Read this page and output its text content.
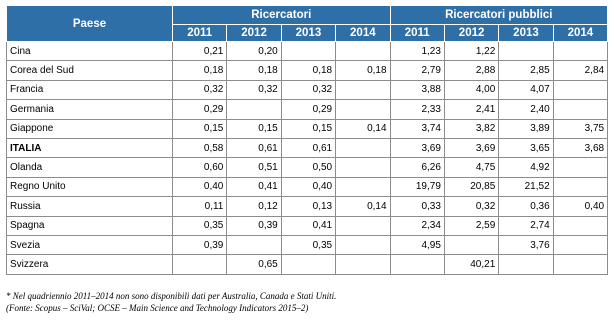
Paese	Ricercatori				Ricercatori pubblici			
	2011	2012	2013	2014	2011	2012	2013	2014
Cina	0,21	0,20			1,23	1,22		
Corea del Sud	0,18	0,18	0,18	0,18	2,79	2,88	2,85	2,84
Francia	0,32	0,32	0,32		3,88	4,00	4,07	
Germania	0,29		0,29		2,33	2,41	2,40	
Giappone	0,15	0,15	0,15	0,14	3,74	3,82	3,89	3,75
ITALIA	0,58	0,61	0,61		3,69	3,69	3,65	3,68
Olanda	0,60	0,51	0,50		6,26	4,75	4,92	
Regno Unito	0,40	0,41	0,40		19,79	20,85	21,52	
Russia	0,11	0,12	0,13	0,14	0,33	0,32	0,36	0,40
Spagna	0,35	0,39	0,41		2,34	2,59	2,74	
Svezia	0,39		0,35		4,95		3,76	
Svizzera		0,65				40,21		
* Nel quadriennio 2011–2014 non sono disponibili dati per Australia, Canada e Stati Uniti.
(Fonte: Scopus – SciVal; OCSE – Main Science and Technology Indicators 2015–2)
